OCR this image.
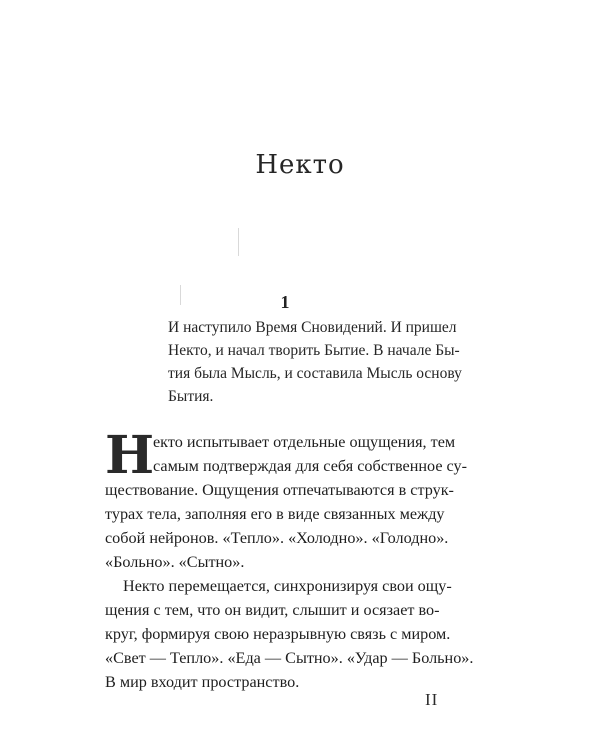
Некто
1
И наступило Время Сновидений. И пришел
Некто, и начал творить Бытие. В начале Бы-
тия была Мысль, и составила Мысль основу
Бытия.
Н
екто испытывает отдельные ощущения, тем
самым подтверждая для себя собственное су-
ществование. Ощущения отпечатываются в струк-
турах тела, заполняя его в виде связанных между
собой нейронов. «Тепло». «Холодно». «Голодно».
«Больно». «Сытно».
Некто перемещается, синхронизируя свои ощу-
щения с тем, что он видит, слышит и осязает во-
круг, формируя свою неразрывную связь с миром.
«Свет — Тепло». «Еда — Сытно». «Удар — Больно».
В мир входит пространство.
II
